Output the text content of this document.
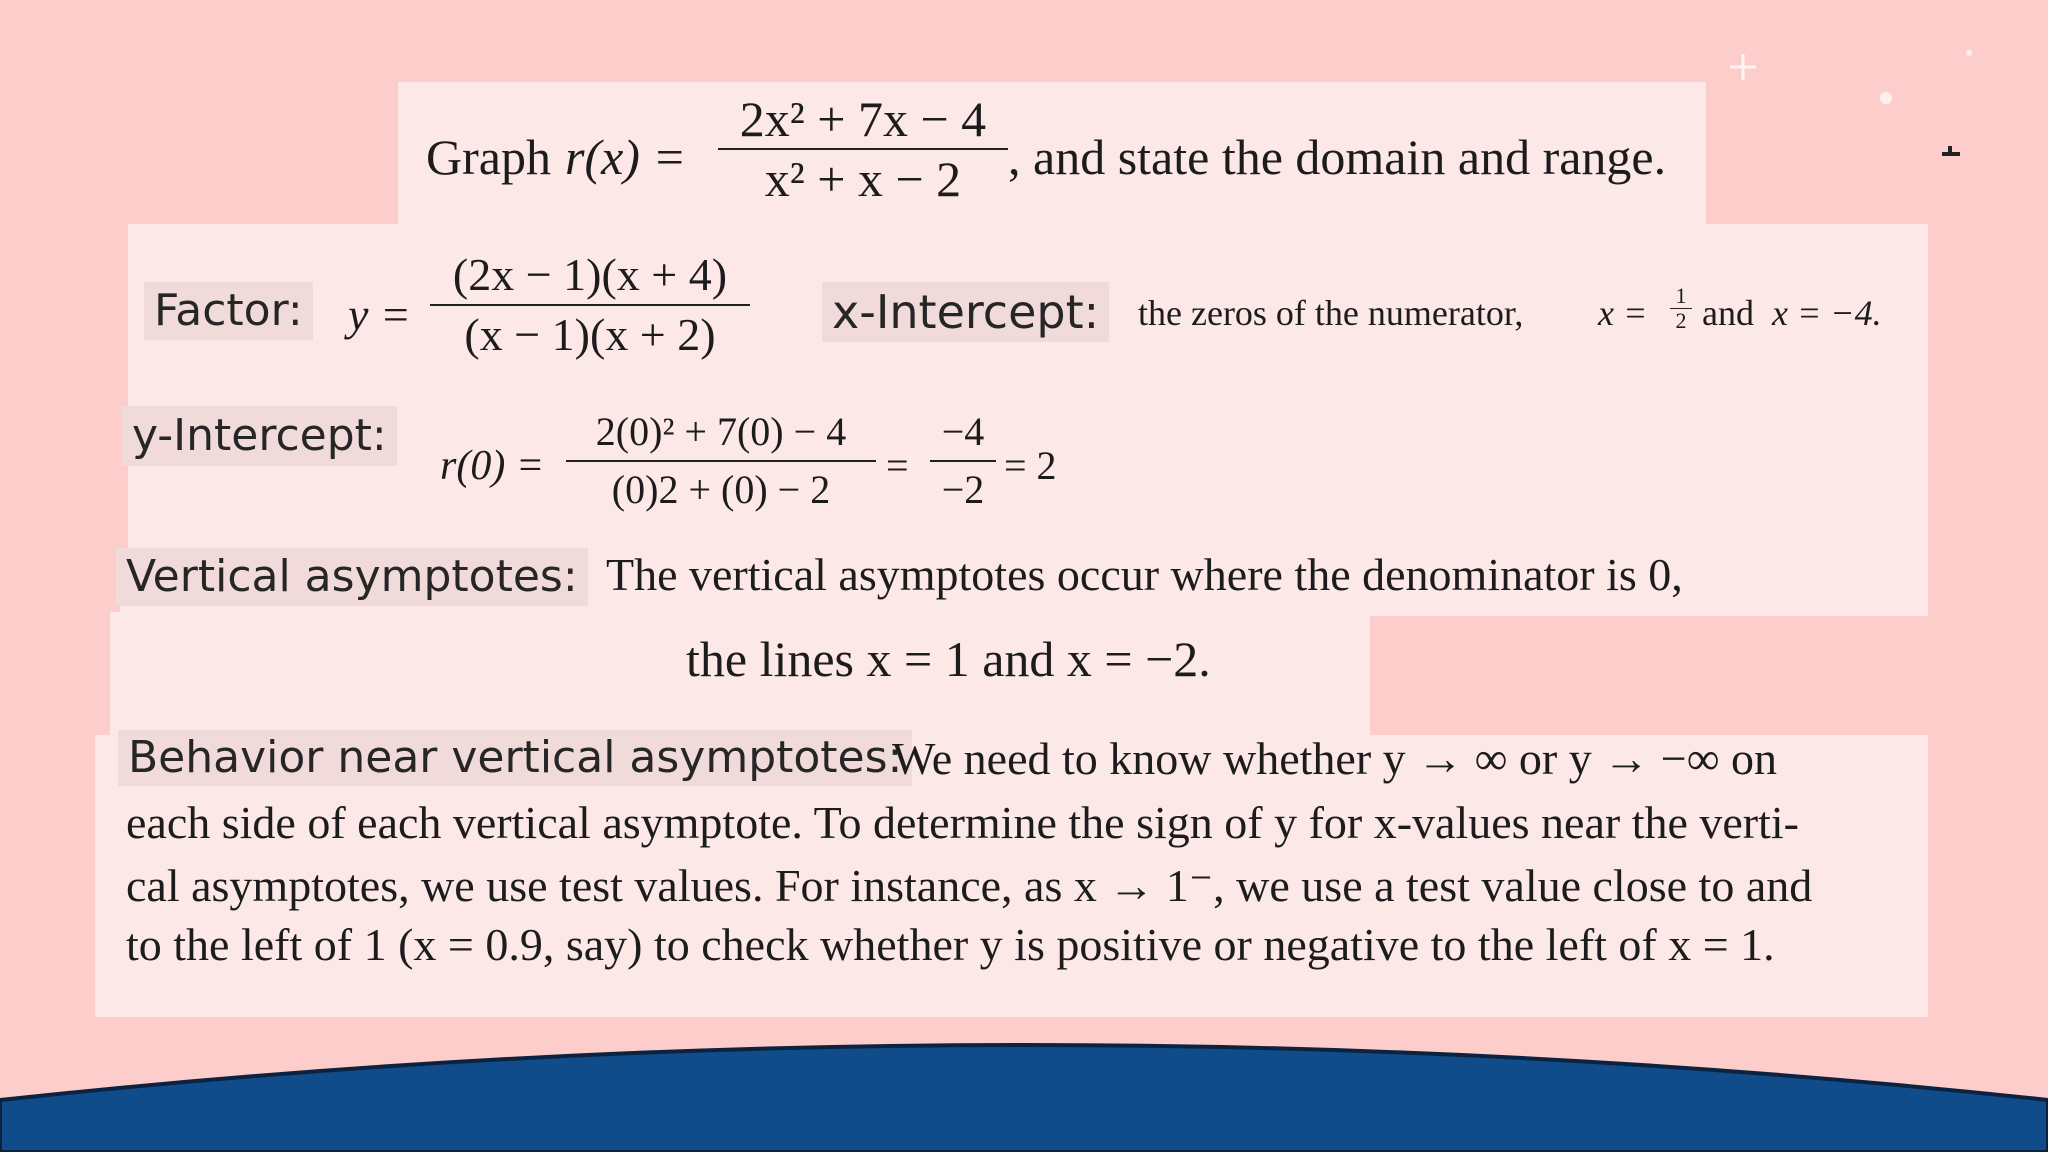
Graph r(x) =
2x² + 7x − 4
x² + x − 2 , and state the domain and range.
Factor: y =
(2x − 1)(x + 4)
(x − 1)(x + 2)	x-Intercept: the zeros of the numerator, x = 1
2 and x = −4.
y-Intercept:
r(0) =
2(0)² + 7(0) − 4
(0)2 + (0) − 2
=
−4
−2
= 2
Vertical asymptotes: The vertical asymptotes occur where the denominator is 0,
the lines x = 1 and x = −2.
Behavior near vertical asymptotes:
We need to know whether y → ∞ or y → −∞ on
each side of each vertical asymptote. To determine the sign of y for x-values near the verti-
cal asymptotes, we use test values. For instance, as x → 1⁻, we use a test value close to and
to the left of 1 (x = 0.9, say) to check whether y is positive or negative to the left of x = 1.
